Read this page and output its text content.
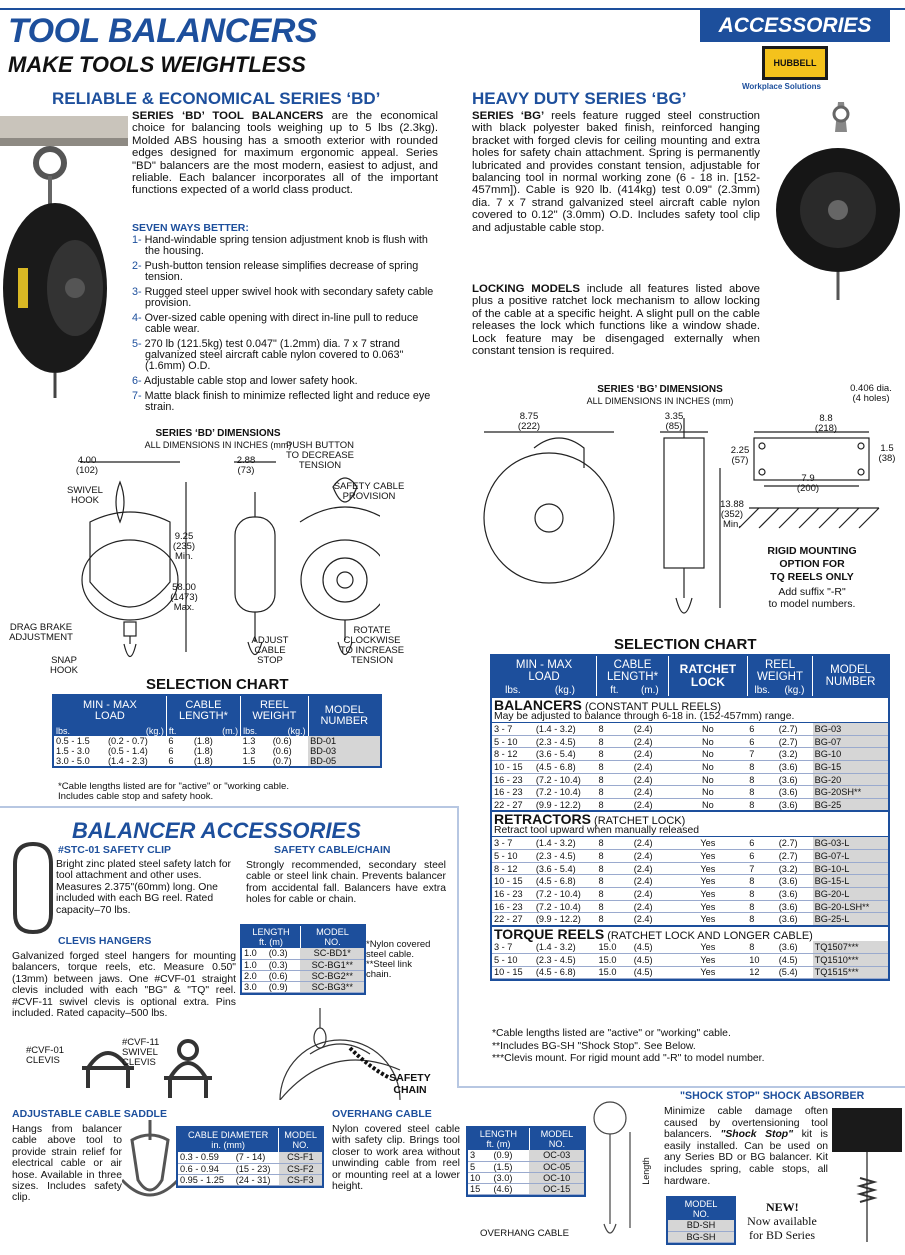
TOOL BALANCERS
MAKE TOOLS WEIGHTLESS
ACCESSORIES
HUBBELL
Workplace Solutions
RELIABLE & ECONOMICAL SERIES ‘BD’
SERIES ‘BD’ TOOL BALANCERS are the economical choice for balancing tools weighing up to 5 lbs (2.3kg). Molded ABS housing has a smooth exterior with rounded edges designed for maximum ergonomic appeal. Series "BD" balancers are the most modern, easiest to adjust, and reliable. Each balancer incorporates all of the important functions expected of a world class product.
SEVEN WAYS BETTER:
1- Hand-windable spring tension adjustment knob is flush with the housing.
2- Push-button tension release simplifies decrease of spring tension.
3- Rugged steel upper swivel hook with secondary safety cable provision.
4- Over-sized cable opening with direct in-line pull to reduce cable wear.
5- 270 lb (121.5kg) test 0.047" (1.2mm) dia. 7 x 7 strand galvanized steel aircraft cable nylon covered to 0.063" (1.6mm) O.D.
6- Adjustable cable stop and lower safety hook.
7- Matte black finish to minimize reflected light and reduce eye strain.
SERIES ‘BD’ DIMENSIONS
ALL DIMENSIONS IN INCHES (mm)
4.00
(102)
2.88
(73)
9.25
(235)
Min.
58.00
(1473)
Max.
SWIVEL
HOOK
DRAG BRAKE
ADJUSTMENT
SNAP
HOOK
PUSH BUTTON
TO DECREASE
TENSION
SAFETY CABLE
PROVISION
ADJUST
CABLE
STOP
ROTATE
CLOCKWISE
TO INCREASE
TENSION
SELECTION CHART
MIN - MAX
LOAD		CABLE
LENGTH*		REEL
WEIGHT		MODEL
NUMBER
lbs.	(kg.)	ft.	(m.)	lbs.	(kg.)	
0.5 - 1.5	(0.2 - 0.7)	6	(1.8)	1.3	(0.6)	BD-01
1.5 - 3.0	(0.5 - 1.4)	6	(1.8)	1.3	(0.6)	BD-03
3.0 - 5.0	(1.4 - 2.3)	6	(1.8)	1.5	(0.7)	BD-05
*Cable lengths listed are for "active" or "working cable.
Includes cable stop and safety hook.
HEAVY DUTY SERIES ‘BG’
SERIES ‘BG’ reels feature rugged steel construction with black polyester baked finish, reinforced hanging bracket with forged clevis for ceiling mounting and extra holes for safety chain attachment. Spring is permanently lubricated and provides constant tension, adjustable for balancing tool in normal working zone (6 - 18 in. [152-457mm]). Cable is 920 lb. (414kg) test 0.09" (2.3mm) dia. 7 x 7 strand galvanized steel aircraft cable nylon covered to 0.12" (3.0mm) O.D. Includes safety tool clip and adjustable cable stop.
LOCKING MODELS include all features listed above plus a positive ratchet lock mechanism to allow locking of the cable at a specific height. A slight pull on the cable releases the lock which functions like a window shade. Lock feature may be disengaged externally when constant tension is required.
SERIES ‘BG’ DIMENSIONS
ALL DIMENSIONS IN INCHES (mm)
8.75
(222)
3.35
(85)
13.88
(352)
Min.
0.406 dia.
(4 holes)
8.8
(218)
2.25
(57)
1.5
(38)
7.9
(200)
RIGID MOUNTING
OPTION FOR
TQ REELS ONLY
Add suffix "-R"
to model numbers.
SELECTION CHART
MIN - MAX
LOAD		CABLE
LENGTH*		RATCHET
LOCK	REEL
WEIGHT		MODEL
NUMBER
lbs.	(kg.)	ft.	(m.)		lbs.	(kg.)	
BALANCERS (CONSTANT PULL REELS)							
May be adjusted to balance through 6-18 in. (152-457mm) range.							
3 - 7	(1.4 - 3.2)	8	(2.4)	No	6	(2.7)	BG-03
5 - 10	(2.3 - 4.5)	8	(2.4)	No	6	(2.7)	BG-07
8 - 12	(3.6 - 5.4)	8	(2.4)	No	7	(3.2)	BG-10
10 - 15	(4.5 - 6.8)	8	(2.4)	No	8	(3.6)	BG-15
16 - 23	(7.2 - 10.4)	8	(2.4)	No	8	(3.6)	BG-20
16 - 23	(7.2 - 10.4)	8	(2.4)	No	8	(3.6)	BG-20SH**
22 - 27	(9.9 - 12.2)	8	(2.4)	No	8	(3.6)	BG-25
RETRACTORS (RATCHET LOCK)							
Retract tool upward when manually released							
3 - 7	(1.4 - 3.2)	8	(2.4)	Yes	6	(2.7)	BG-03-L
5 - 10	(2.3 - 4.5)	8	(2.4)	Yes	6	(2.7)	BG-07-L
8 - 12	(3.6 - 5.4)	8	(2.4)	Yes	7	(3.2)	BG-10-L
10 - 15	(4.5 - 6.8)	8	(2.4)	Yes	8	(3.6)	BG-15-L
16 - 23	(7.2 - 10.4)	8	(2.4)	Yes	8	(3.6)	BG-20-L
16 - 23	(7.2 - 10.4)	8	(2.4)	Yes	8	(3.6)	BG-20-LSH**
22 - 27	(9.9 - 12.2)	8	(2.4)	Yes	8	(3.6)	BG-25-L
TORQUE REELS (RATCHET LOCK AND LONGER CABLE)							
3 - 7	(1.4 - 3.2)	15.0	(4.5)	Yes	8	(3.6)	TQ1507***
5 - 10	(2.3 - 4.5)	15.0	(4.5)	Yes	10	(4.5)	TQ1510***
10 - 15	(4.5 - 6.8)	15.0	(4.5)	Yes	12	(5.4)	TQ1515***
*Cable lengths listed are "active" or "working" cable.
**Includes BG-SH "Shock Stop". See Below.
***Clevis mount. For rigid mount add "-R" to model number.
BALANCER ACCESSORIES
#STC-01 SAFETY CLIP
Bright zinc plated steel safety latch for tool attachment and other uses. Measures 2.375"(60mm) long. One included with each BG reel. Rated capacity–70 lbs.
CLEVIS HANGERS
Galvanized forged steel hangers for mounting balancers, torque reels, etc. Measure 0.50" (13mm) between jaws. One #CVF-01 straight clevis included with each "BG" & "TQ" reel. #CVF-11 swivel clevis is optional extra. Pins included. Rated capacity–500 lbs.
#CVF-01
CLEVIS
#CVF-11
SWIVEL
CLEVIS
SAFETY CABLE/CHAIN
Strongly recommended, secondary steel cable or steel link chain. Prevents balancer from accidental fall. Balancers have extra holes for cable or chain.
LENGTH
ft. (m)		MODEL
NO.
1.0	(0.3)	SC-BD1*
1.0	(0.3)	SC-BG1**
2.0	(0.6)	SC-BG2**
3.0	(0.9)	SC-BG3**
*Nylon covered
steel cable.
**Steel link
chain.
SAFETY
CHAIN
ADJUSTABLE CABLE SADDLE
Hangs from balancer cable above tool to provide strain relief for electrical cable or air hose. Available in three sizes. Includes safety clip.
CABLE DIAMETER
in. (mm)		MODEL
NO.
0.3 - 0.59	(7 - 14)	CS-F1
0.6 - 0.94	(15 - 23)	CS-F2
0.95 - 1.25	(24 - 31)	CS-F3
OVERHANG CABLE
Nylon covered steel cable with safety clip. Brings tool closer to work area without unwinding cable from reel or mounting reel at a lower height.
LENGTH
ft. (m)		MODEL
NO.
3	(0.9)	OC-03
5	(1.5)	OC-05
10	(3.0)	OC-10
15	(4.6)	OC-15
OVERHANG CABLE
Length
"SHOCK STOP" SHOCK ABSORBER
Minimize cable damage often caused by overtensioning tool balancers. "Shock Stop" kit is easily installed. Can be used on any Series BD or BG balancer. Kit includes spring, cable stops, all hardware.
MODEL
NO.
BD-SH
BG-SH
NEW!
Now available
for BD Series
